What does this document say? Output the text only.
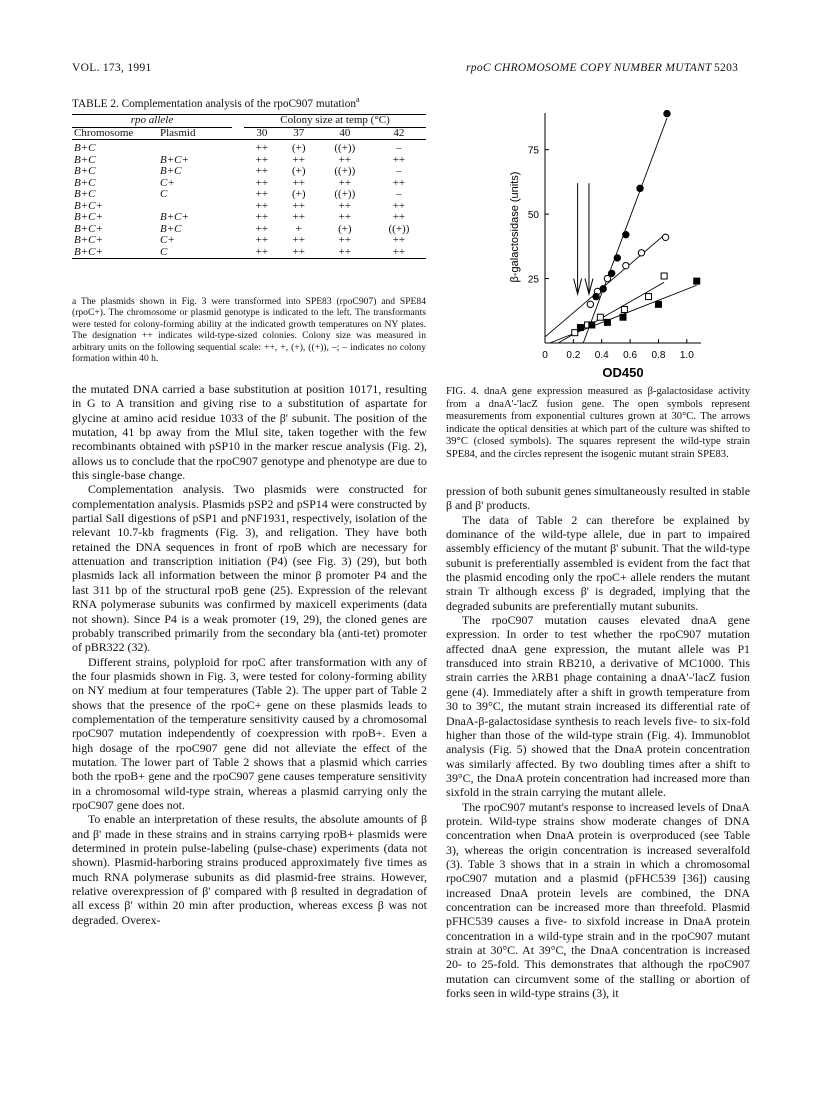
VOL. 173, 1991	rpoC CHROMOSOME COPY NUMBER MUTANT 5203
TABLE 2. Complementation analysis of the rpoC907 mutation$^a$
rpo allele			Colony size at temp (°C)			
Chromosome	Plasmid		30	37	40	42
B+C			++	(+)	((+))	–
B+C	B+C+		++	++	++	++
B+C	B+C		++	(+)	((+))	–
B+C	C+		++	++	++	++
B+C	C		++	(+)	((+))	–
B+C+			++	++	++	++
B+C+	B+C+		++	++	++	++
B+C+	B+C		++	+	(+)	((+))
B+C+	C+		++	++	++	++
B+C+	C		++	++	++	++

a The plasmids shown in Fig. 3 were transformed into SPE83 (rpoC907) and SPE84 (rpoC+). The chromosome or plasmid genotype is indicated to the left. The transformants were tested for colony-forming ability at the indicated growth temperatures on NY plates. The designation ++ indicates wild-type-sized colonies. Colony size was measured in arbitrary units on the following sequential scale: ++, +, (+), ((+)), –; – indicates no colony formation within 40 h.

the mutated DNA carried a base substitution at position 10171, resulting in G to A transition and giving rise to a substitution of aspartate for glycine at amino acid residue 1033 of the β' subunit. The position of the mutation, 41 bp away from the MluI site, taken together with the few recombinants obtained with pSP10 in the marker rescue analysis (Fig. 2), allows us to conclude that the rpoC907 genotype and phenotype are due to this single-base change.

Complementation analysis. Two plasmids were constructed for complementation analysis. Plasmids pSP2 and pSP14 were constructed by partial SalI digestions of pSP1 and pNF1931, respectively, isolation of the relevant 10.7-kb fragments (Fig. 3), and religation. They have both retained the DNA sequences in front of rpoB which are necessary for attenuation and transcription initiation (P4) (see Fig. 3) (29), but both plasmids lack all information between the minor β promoter P4 and the last 311 bp of the structural rpoB gene (25). Expression of the relevant RNA polymerase subunits was confirmed by maxicell experiments (data not shown). Since P4 is a weak promoter (19, 29), the cloned genes are probably transcribed primarily from the secondary bla (anti-tet) promoter of pBR322 (32).

Different strains, polyploid for rpoC after transformation with any of the four plasmids shown in Fig. 3, were tested for colony-forming ability on NY medium at four temperatures (Table 2). The upper part of Table 2 shows that the presence of the rpoC+ gene on these plasmids leads to complementation of the temperature sensitivity caused by a chromosomal rpoC907 mutation independently of coexpression with rpoB+. Even a high dosage of the rpoC907 gene did not alleviate the effect of the mutation. The lower part of Table 2 shows that a plasmid which carries both the rpoB+ gene and the rpoC907 gene causes temperature sensitivity in a chromosomal wild-type strain, whereas a plasmid carrying only the rpoC907 gene does not.

To enable an interpretation of these results, the absolute amounts of β and β' made in these strains and in strains carrying rpoB+ plasmids were determined in protein pulse-labeling (pulse-chase) experiments (data not shown). Plasmid-harboring strains produced approximately five times as much RNA polymerase subunits as did plasmid-free strains. However, relative overexpression of β' compared with β resulted in degradation of all excess β' within 20 min after production, whereas excess β was not degraded. Overex-

25
50
75
0 0.2 0.4 0.6 0.8 1.0
OD450
β-galactosidase (units)
FIG. 4. dnaA gene expression measured as β-galactosidase activity from a dnaA'-'lacZ fusion gene. The open symbols represent measurements from exponential cultures grown at 30°C. The arrows indicate the optical densities at which part of the culture was shifted to 39°C (closed symbols). The squares represent the wild-type strain SPE84, and the circles represent the isogenic mutant strain SPE83.

pression of both subunit genes simultaneously resulted in stable β and β' products.

The data of Table 2 can therefore be explained by dominance of the wild-type allele, due in part to impaired assembly efficiency of the mutant β' subunit. That the wild-type subunit is preferentially assembled is evident from the fact that the plasmid encoding only the rpoC+ allele renders the mutant strain Tr although excess β' is degraded, implying that the degraded subunits are preferentially mutant subunits.

The rpoC907 mutation causes elevated dnaA gene expression. In order to test whether the rpoC907 mutation affected dnaA gene expression, the mutant allele was P1 transduced into strain RB210, a derivative of MC1000. This strain carries the λRB1 phage containing a dnaA'-'lacZ fusion gene (4). Immediately after a shift in growth temperature from 30 to 39°C, the mutant strain increased its differential rate of DnaA-β-galactosidase synthesis to reach levels five- to six-fold higher than those of the wild-type strain (Fig. 4). Immunoblot analysis (Fig. 5) showed that the DnaA protein concentration was similarly affected. By two doubling times after a shift to 39°C, the DnaA protein concentration had increased more than sixfold in the strain carrying the mutant allele.

The rpoC907 mutant's response to increased levels of DnaA protein. Wild-type strains show moderate changes of DNA concentration when DnaA protein is overproduced (see Table 3), whereas the origin concentration is increased severalfold (3). Table 3 shows that in a strain in which a chromosomal rpoC907 mutation and a plasmid (pFHC539 [36]) causing increased DnaA protein levels are combined, the DNA concentration can be increased more than threefold. Plasmid pFHC539 causes a five- to sixfold increase in DnaA protein concentration in a wild-type strain and in the rpoC907 mutant strain at 30°C. At 39°C, the DnaA concentration is increased 20- to 25-fold. This demonstrates that although the rpoC907 mutation can circumvent some of the stalling or abortion of forks seen in wild-type strains (3), it
